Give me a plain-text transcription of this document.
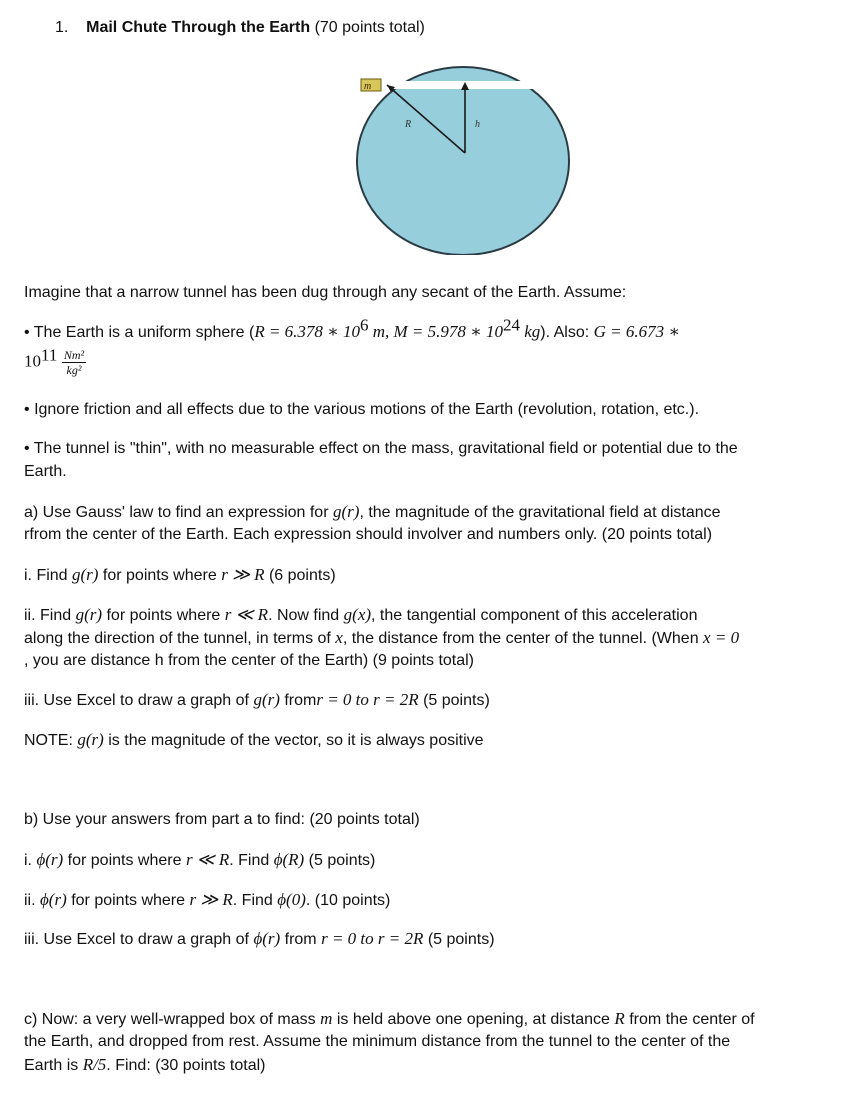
1. Mail Chute Through the Earth (70 points total)
m
R	h
Imagine that a narrow tunnel has been dug through any secant of the Earth. Assume:
• The Earth is a uniform sphere (R = 6.378 ∗ $10^6$ m, M = 5.978 ∗ $10^{24}$ kg). Also: G = 6.673 ∗
$10^{11} \frac{\text{Nm²}}{\text{kg²}}$
• Ignore friction and all effects due to the various motions of the Earth (revolution, rotation, etc.).
• The tunnel is "thin", with no measurable effect on the mass, gravitational field or potential due to the
Earth.
a) Use Gauss' law to find an expression for g(r), the magnitude of the gravitational field at distance
rfrom the center of the Earth. Each expression should involver and numbers only. (20 points total)
i. Find g(r) for points where r ≫ R (6 points)
ii. Find g(r) for points where r ≪ R. Now find g(x), the tangential component of this acceleration
along the direction of the tunnel, in terms of x, the distance from the center of the tunnel. (When x = 0
, you are distance h from the center of the Earth) (9 points total)
iii. Use Excel to draw a graph of g(r) fromr = 0 to r = 2R (5 points)
NOTE: g(r) is the magnitude of the vector, so it is always positive
b) Use your answers from part a to find: (20 points total)
i. ϕ(r) for points where r ≪ R. Find ϕ(R) (5 points)
ii. ϕ(r) for points where r ≫ R. Find ϕ(0). (10 points)
iii. Use Excel to draw a graph of ϕ(r) from r = 0 to r = 2R (5 points)
c) Now: a very well-wrapped box of mass m is held above one opening, at distance R from the center of
the Earth, and dropped from rest. Assume the minimum distance from the tunnel to the center of the
Earth is R/5. Find: (30 points total)
